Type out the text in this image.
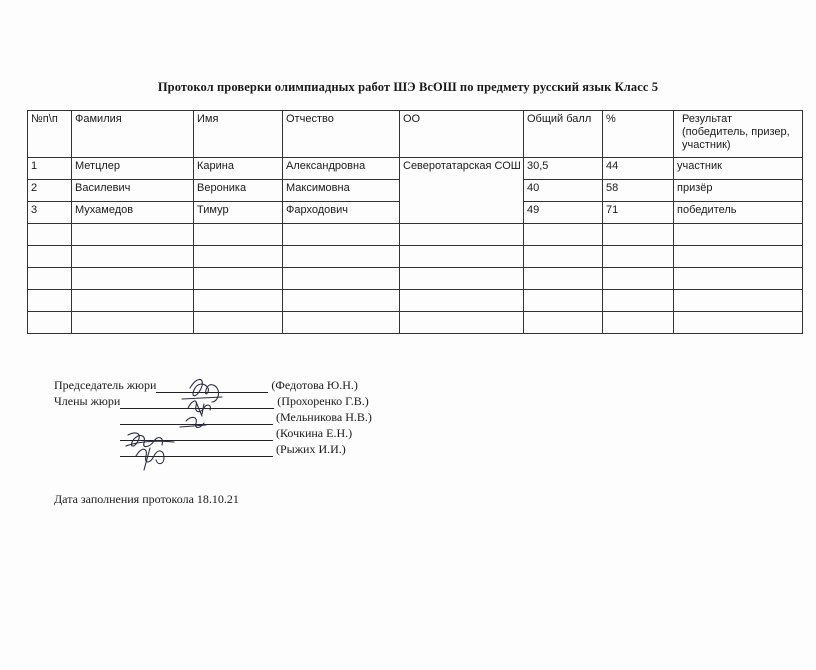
Протокол проверки олимпиадных работ ШЭ ВсОШ по предмету русский язык Класс 5
№п\п	Фамилия	Имя	Отчество	ОО	Общий балл	%	Результат (победитель, призер, участник)
1	Метцлер	Карина	Александровна	Северотатарская СОШ	30,5	44	участник
2	Василевич	Вероника	Максимовна		40	58	призёр
3	Мухамедов	Тимур	Фарходович		49	71	победитель

Председатель жюри	(Федотова Ю.Н.)
Члены жюри	(Прохоренко Г.В.)
(Мельникова Н.В.)
(Кочкина Е.Н.)
(Рыжих И.И.)
Дата заполнения протокола 18.10.21
